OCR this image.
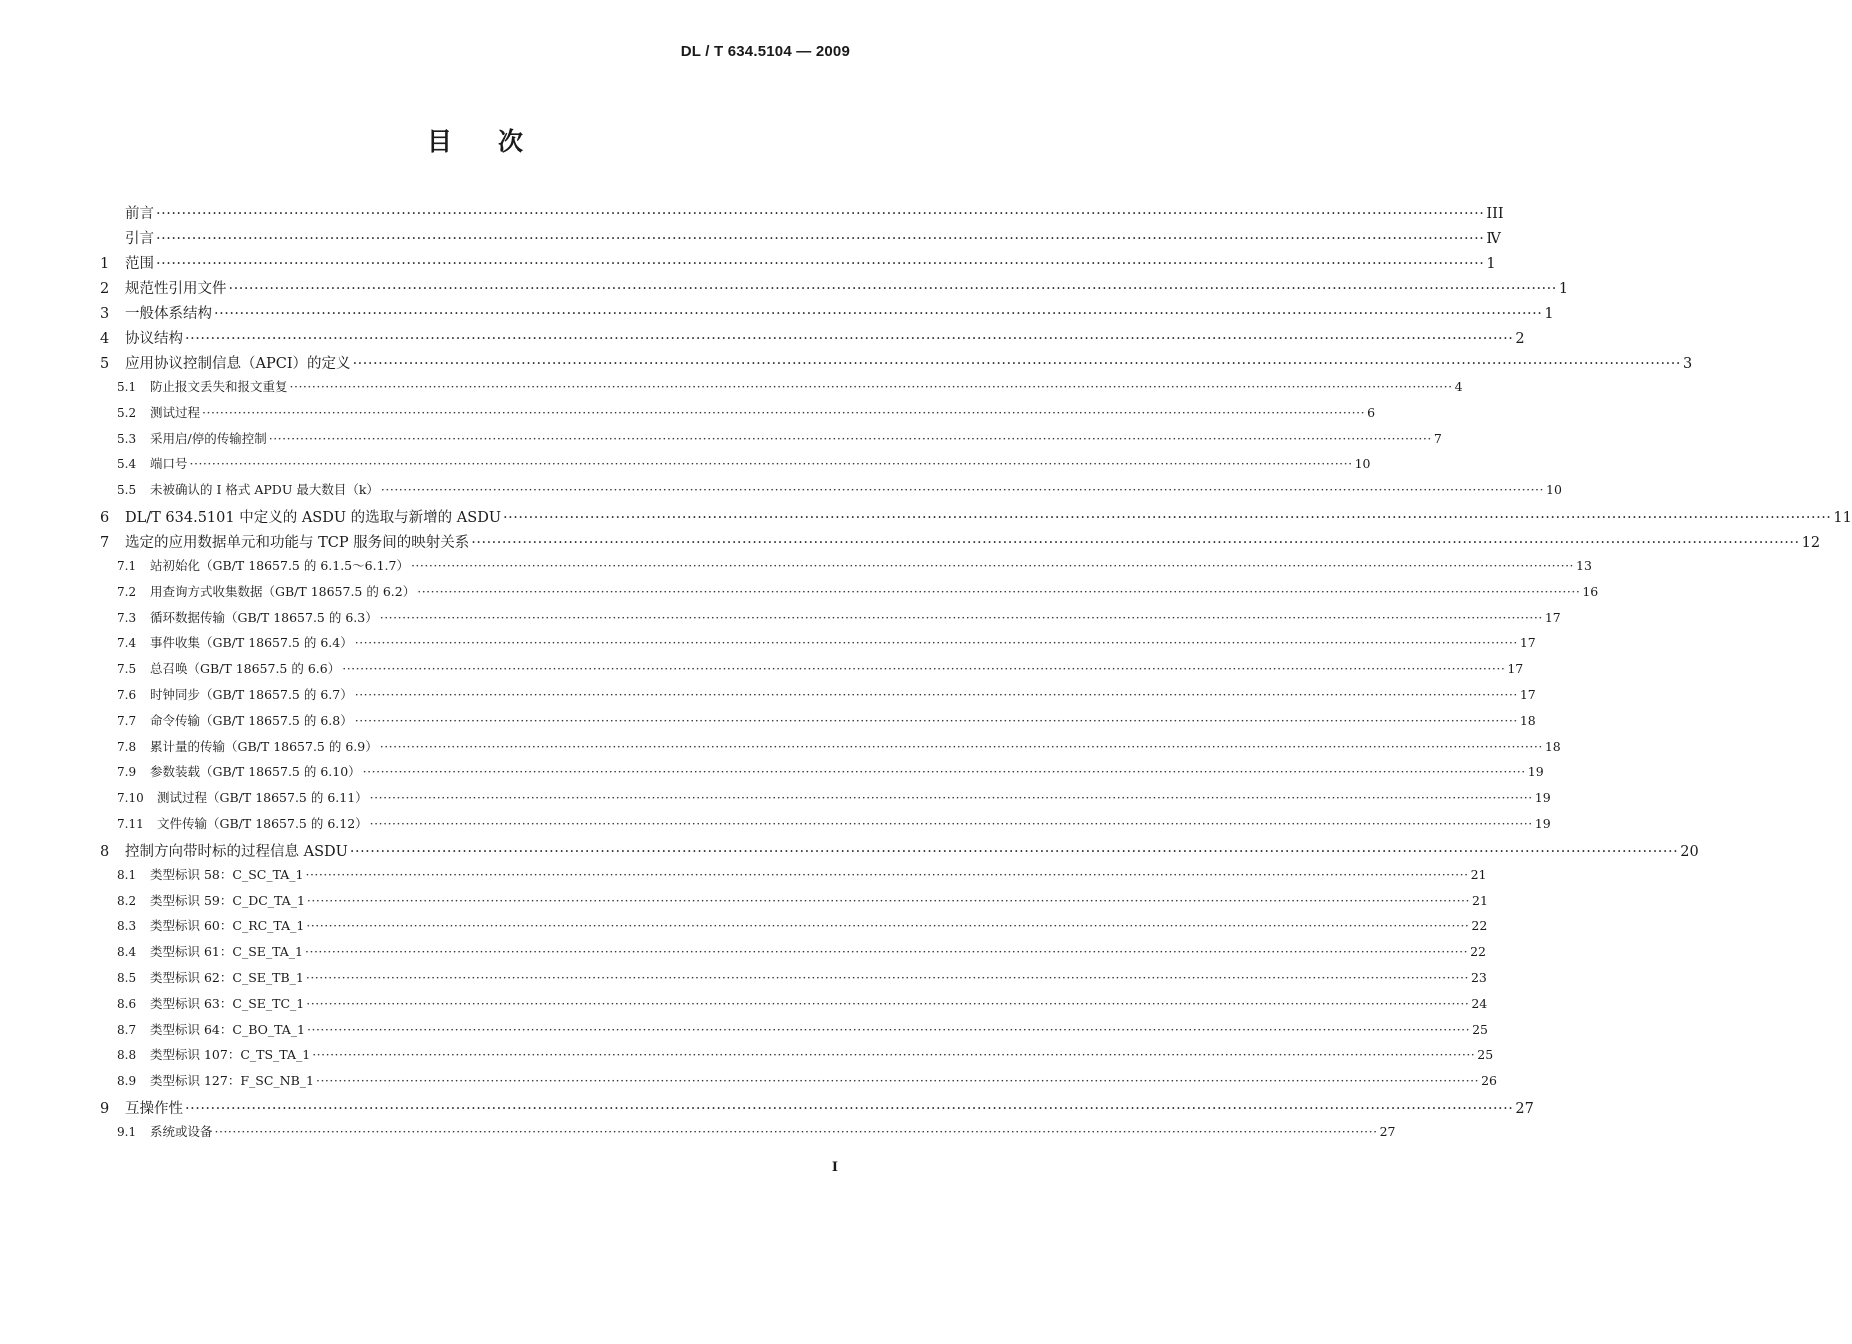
DL / T 634.5104 — 2009
目次
前言 ···································································································································································································································································· III
引言 ···································································································································································································································································· Ⅳ
1	范围 ···································································································································································································································································· 1
2	规范性引用文件 ···································································································································································································································································· 1
3	一般体系结构 ···································································································································································································································································· 1
4	协议结构 ···································································································································································································································································· 2
5	应用协议控制信息（APCI）的定义 ···································································································································································································································································· 3
5.1	防止报文丢失和报文重复 ···································································································································································································································································· 4
5.2	测试过程 ···································································································································································································································································· 6
5.3	采用启/停的传输控制 ···································································································································································································································································· 7
5.4	端口号 ···································································································································································································································································· 10
5.5	未被确认的 I 格式 APDU 最大数目（k） ···································································································································································································································································· 10
6	DL/T 634.5101 中定义的 ASDU 的选取与新增的 ASDU ···································································································································································································································································· 11
7	选定的应用数据单元和功能与 TCP 服务间的映射关系 ···································································································································································································································································· 12
7.1	站初始化（GB/T 18657.5 的 6.1.5～6.1.7） ···································································································································································································································································· 13
7.2	用查询方式收集数据（GB/T 18657.5 的 6.2） ···································································································································································································································································· 16
7.3	循环数据传输（GB/T 18657.5 的 6.3） ···································································································································································································································································· 17
7.4	事件收集（GB/T 18657.5 的 6.4） ···································································································································································································································································· 17
7.5	总召唤（GB/T 18657.5 的 6.6） ···································································································································································································································································· 17
7.6	时钟同步（GB/T 18657.5 的 6.7） ···································································································································································································································································· 17
7.7	命令传输（GB/T 18657.5 的 6.8） ···································································································································································································································································· 18
7.8	累计量的传输（GB/T 18657.5 的 6.9） ···································································································································································································································································· 18
7.9	参数装载（GB/T 18657.5 的 6.10） ···································································································································································································································································· 19
7.10	测试过程（GB/T 18657.5 的 6.11） ···································································································································································································································································· 19
7.11	文件传输（GB/T 18657.5 的 6.12） ···································································································································································································································································· 19
8	控制方向带时标的过程信息 ASDU ···································································································································································································································································· 20
8.1	类型标识 58：C_SC_TA_1 ···································································································································································································································································· 21
8.2	类型标识 59：C_DC_TA_1 ···································································································································································································································································· 21
8.3	类型标识 60：C_RC_TA_1 ···································································································································································································································································· 22
8.4	类型标识 61：C_SE_TA_1 ···································································································································································································································································· 22
8.5	类型标识 62：C_SE_TB_1 ···································································································································································································································································· 23
8.6	类型标识 63：C_SE_TC_1 ···································································································································································································································································· 24
8.7	类型标识 64：C_BO_TA_1 ···································································································································································································································································· 25
8.8	类型标识 107：C_TS_TA_1 ···································································································································································································································································· 25
8.9	类型标识 127：F_SC_NB_1 ···································································································································································································································································· 26
9	互操作性 ···································································································································································································································································· 27
9.1	系统或设备 ···································································································································································································································································· 27
I
